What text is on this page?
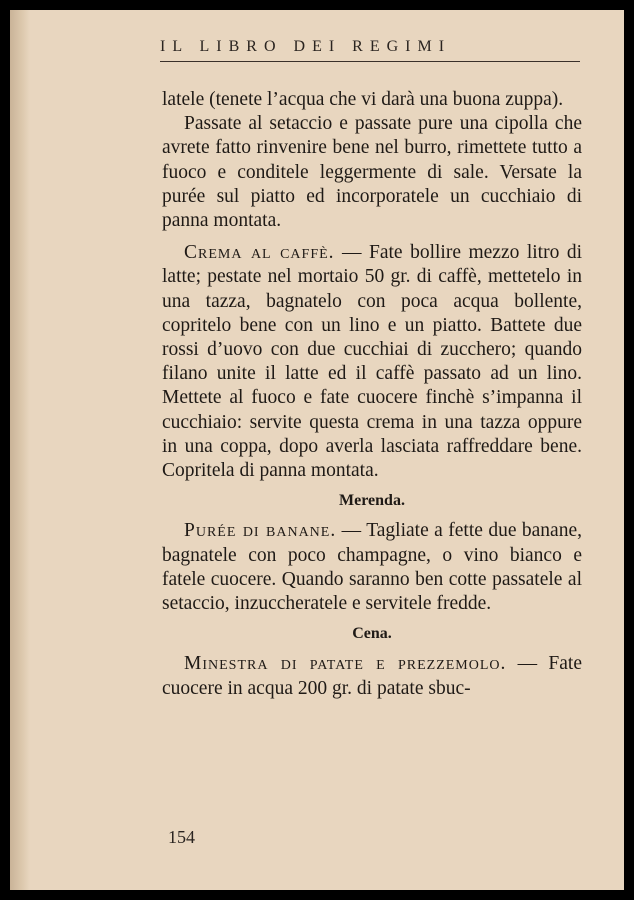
IL LIBRO DEI REGIMI

latele (tenete l’acqua che vi darà una buona zuppa).

Passate al setaccio e passate pure una cipolla che avrete fatto rinvenire bene nel burro, rimettete tutto a fuoco e conditele leggermente di sale. Versate la purée sul piatto ed incorporatele un cucchiaio di panna montata.

Crema al caffè. — Fate bollire mezzo litro di latte; pestate nel mortaio 50 gr. di caffè, mettetelo in una tazza, bagnatelo con poca acqua bollente, copritelo bene con un lino e un piatto. Battete due rossi d’uovo con due cucchiai di zucchero; quando filano unite il latte ed il caffè passato ad un lino. Mettete al fuoco e fate cuocere finchè s’impanna il cucchiaio: servite questa crema in una tazza oppure in una coppa, dopo averla lasciata raffreddare bene. Copritela di panna montata.

Merenda.

Purée di banane. — Tagliate a fette due banane, bagnatele con poco champagne, o vino bianco e fatele cuocere. Quando saranno ben cotte passatele al setaccio, inzuccheratele e servitele fredde.

Cena.

Minestra di patate e prezzemolo. — Fate cuocere in acqua 200 gr. di patate sbuc-

154
